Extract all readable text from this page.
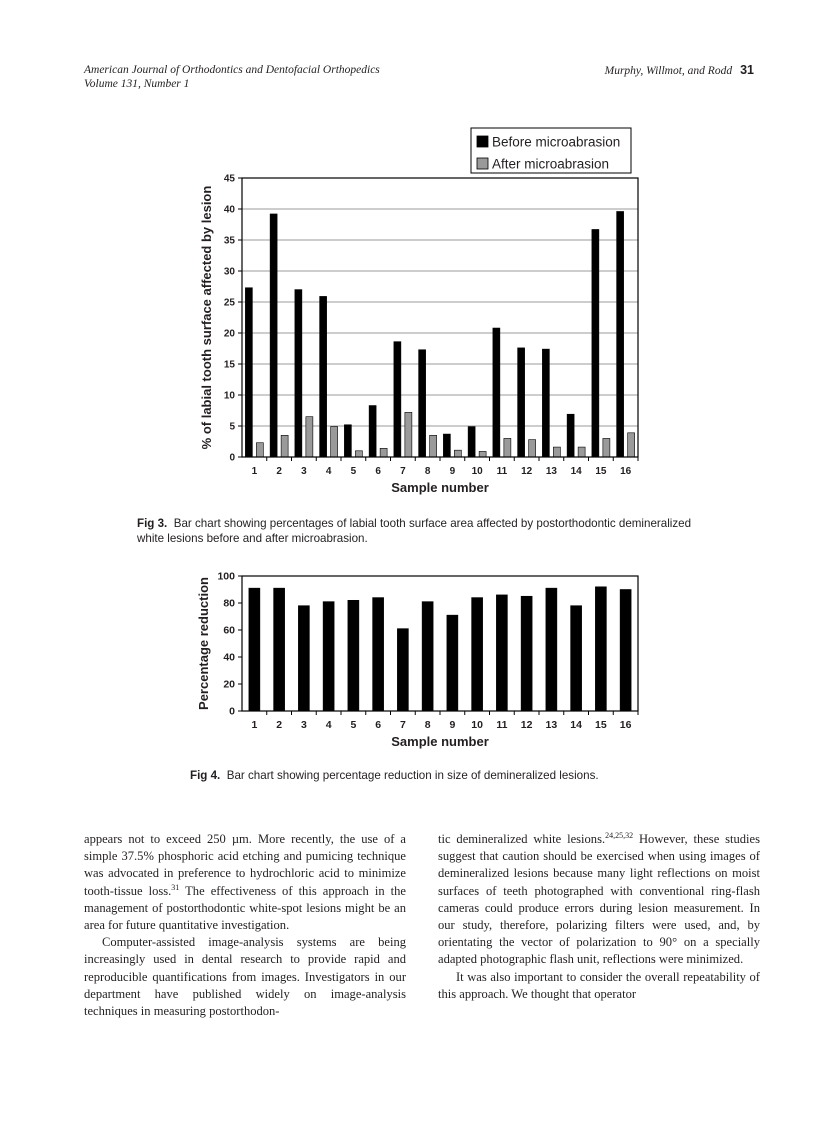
American Journal of Orthodontics and Dentofacial Orthopedics
Volume 131, Number 1
Murphy, Willmot, and Rodd 31
0
5
10
15
20
25
30
35
40
45
1 2 3 4 5 6 7 8 9 10 11 12 13 14 15 16
Sample number
% of labial tooth surface affected by lesion
Before microabrasion
After microabrasion
Fig 3. Bar chart showing percentages of labial tooth surface area affected by postorthodontic demineralized white lesions before and after microabrasion.
0
20
40
60
80
100
1 2 3 4 5 6 7 8 9 10 11 12 13 14 15 16
Sample number
Percentage reduction
Fig 4. Bar chart showing percentage reduction in size of demineralized lesions.

appears not to exceed 250 µm. More recently, the use of a simple 37.5% phosphoric acid etching and pumicing technique was advocated in preference to hydrochloric acid to minimize tooth-tissue loss.$^{31}$ The effectiveness of this approach in the management of postorthodontic white-spot lesions might be an area for future quantitative investigation.

Computer-assisted image-analysis systems are being increasingly used in dental research to provide rapid and reproducible quantifications from images. Investigators in our department have published widely on image-analysis techniques in measuring postorthodon-

tic demineralized white lesions.$^{24,25,32}$ However, these studies suggest that caution should be exercised when using images of demineralized lesions because many light reflections on moist surfaces of teeth photographed with conventional ring-flash cameras could produce errors during lesion measurement. In our study, therefore, polarizing filters were used, and, by orientating the vector of polarization to 90° on a specially adapted photographic flash unit, reflections were minimized.

It was also important to consider the overall repeatability of this approach. We thought that operator
